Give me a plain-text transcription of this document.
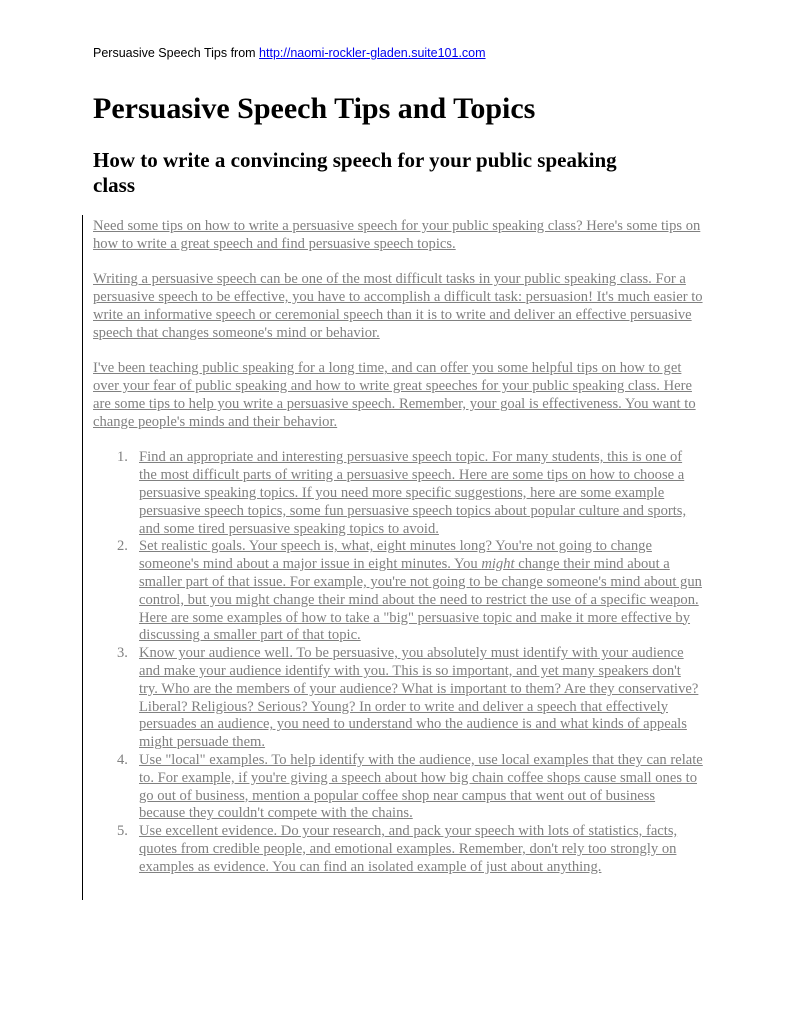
Persuasive Speech Tips from http://naomi-rockler-gladen.suite101.com
Persuasive Speech Tips and Topics
How to write a convincing speech for your public speaking
class

Need some tips on how to write a persuasive speech for your public speaking class? Here's some tips on how to write a great speech and find persuasive speech topics.

Writing a persuasive speech can be one of the most difficult tasks in your public speaking class. For a persuasive speech to be effective, you have to accomplish a difficult task: persuasion! It's much easier to write an informative speech or ceremonial speech than it is to write and deliver an effective persuasive speech that changes someone's mind or behavior.

I've been teaching public speaking for a long time, and can offer you some helpful tips on how to get over your fear of public speaking and how to write great speeches for your public speaking class. Here are some tips to help you write a persuasive speech. Remember, your goal is effectiveness. You want to change people's minds and their behavior.

1. Find an appropriate and interesting persuasive speech topic. For many students, this is one of the most difficult parts of writing a persuasive speech. Here are some tips on how to choose a persuasive speaking topics. If you need more specific suggestions, here are some example persuasive speech topics, some fun persuasive speech topics about popular culture and sports, and some tired persuasive speaking topics to avoid.
2. Set realistic goals. Your speech is, what, eight minutes long? You're not going to change someone's mind about a major issue in eight minutes. You might change their mind about a smaller part of that issue. For example, you're not going to be change someone's mind about gun control, but you might change their mind about the need to restrict the use of a specific weapon. Here are some examples of how to take a "big" persuasive topic and make it more effective by discussing a smaller part of that topic.
3. Know your audience well. To be persuasive, you absolutely must identify with your audience and make your audience identify with you. This is so important, and yet many speakers don't try. Who are the members of your audience? What is important to them? Are they conservative? Liberal? Religious? Serious? Young? In order to write and deliver a speech that effectively persuades an audience, you need to understand who the audience is and what kinds of appeals might persuade them.
4. Use "local" examples. To help identify with the audience, use local examples that they can relate to. For example, if you're giving a speech about how big chain coffee shops cause small ones to go out of business, mention a popular coffee shop near campus that went out of business because they couldn't compete with the chains.
5. Use excellent evidence. Do your research, and pack your speech with lots of statistics, facts, quotes from credible people, and emotional examples. Remember, don't rely too strongly on examples as evidence. You can find an isolated example of just about anything.
